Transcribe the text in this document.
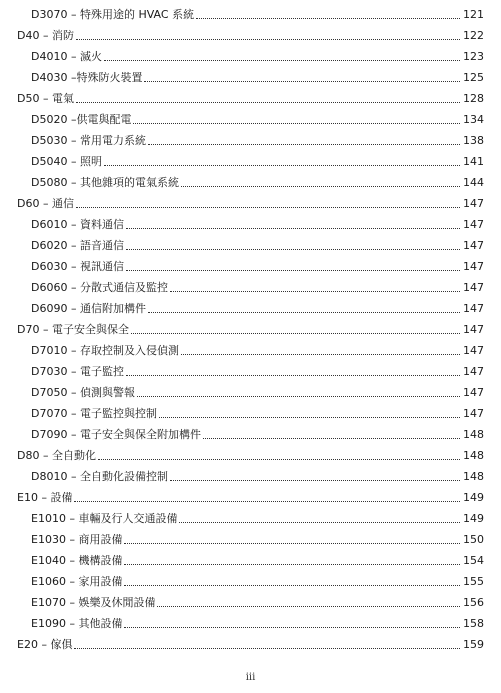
D3070 – 特殊用途的 HVAC 系統	121
D40 – 消防	122
D4010 – 滅火	123
D4030 –特殊防火裝置	125
D50 – 電氣	128
D5020 –供電與配電	134
D5030 – 常用電力系統	138
D5040 – 照明	141
D5080 – 其他雜項的電氣系統	144
D60 – 通信	147
D6010 – 資料通信	147
D6020 – 語音通信	147
D6030 – 視訊通信	147
D6060 – 分散式通信及監控	147
D6090 – 通信附加構件	147
D70 – 電子安全與保全	147
D7010 – 存取控制及入侵偵測	147
D7030 – 電子監控	147
D7050 – 偵測與警報	147
D7070 – 電子監控與控制	147
D7090 – 電子安全與保全附加構件	148
D80 – 全自動化	148
D8010 – 全自動化設備控制	148
E10 – 設備	149
E1010 – 車輛及行人交通設備	149
E1030 – 商用設備	150
E1040 – 機構設備	154
E1060 – 家用設備	155
E1070 – 娛樂及休閒設備	156
E1090 – 其他設備	158
E20 – 傢俱	159
iii
